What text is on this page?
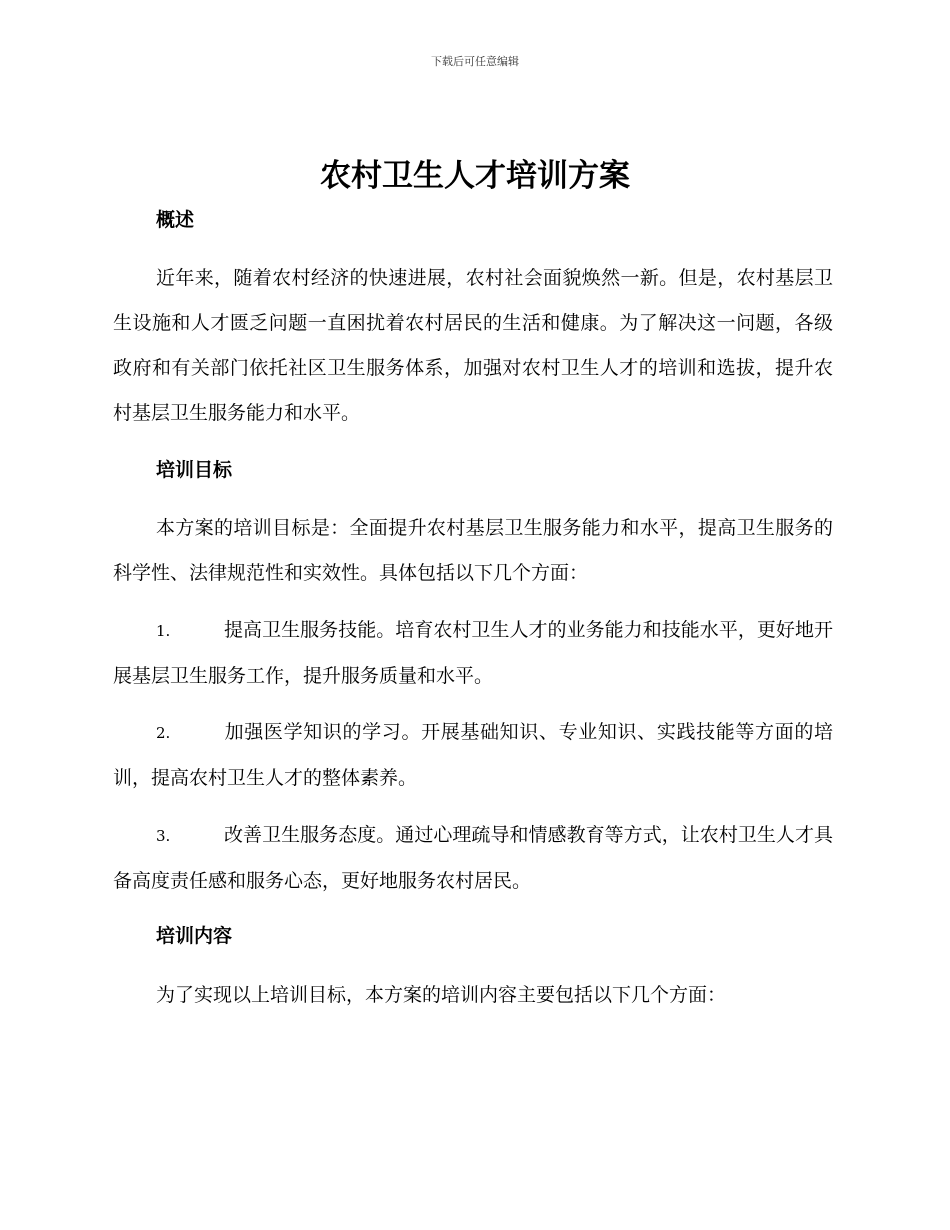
下载后可任意编辑
农村卫生人才培训方案

概述

近年来，随着农村经济的快速进展，农村社会面貌焕然一新。但是，农村基层卫生设施和人才匮乏问题一直困扰着农村居民的生活和健康。为了解决这一问题，各级政府和有关部门依托社区卫生服务体系，加强对农村卫生人才的培训和选拔，提升农村基层卫生服务能力和水平。

培训目标

本方案的培训目标是：全面提升农村基层卫生服务能力和水平，提高卫生服务的科学性、法律规范性和实效性。具体包括以下几个方面：

1.	提高卫生服务技能。培育农村卫生人才的业务能力和技能水平，更好地开展基层卫生服务工作，提升服务质量和水平。

2.	加强医学知识的学习。开展基础知识、专业知识、实践技能等方面的培训，提高农村卫生人才的整体素养。

3.	改善卫生服务态度。通过心理疏导和情感教育等方式，让农村卫生人才具备高度责任感和服务心态，更好地服务农村居民。

培训内容

为了实现以上培训目标，本方案的培训内容主要包括以下几个方面：
